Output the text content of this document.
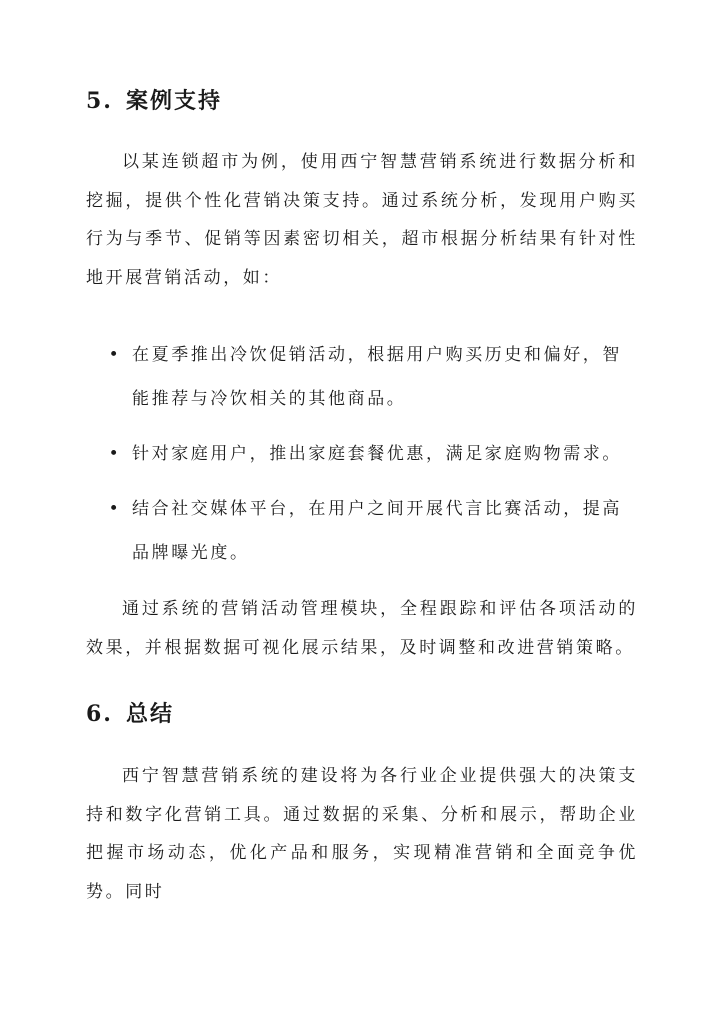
5. 案例支持

以某连锁超市为例，使用西宁智慧营销系统进行数据分析和挖掘，提供个性化营销决策支持。通过系统分析，发现用户购买行为与季节、促销等因素密切相关，超市根据分析结果有针对性地开展营销活动，如：

• 在夏季推出冷饮促销活动，根据用户购买历史和偏好，智能推荐与冷饮相关的其他商品。
• 针对家庭用户，推出家庭套餐优惠，满足家庭购物需求。
• 结合社交媒体平台，在用户之间开展代言比赛活动，提高品牌曝光度。

通过系统的营销活动管理模块，全程跟踪和评估各项活动的效果，并根据数据可视化展示结果，及时调整和改进营销策略。

6. 总结

西宁智慧营销系统的建设将为各行业企业提供强大的决策支持和数字化营销工具。通过数据的采集、分析和展示，帮助企业把握市场动态，优化产品和服务，实现精准营销和全面竞争优势。同时
